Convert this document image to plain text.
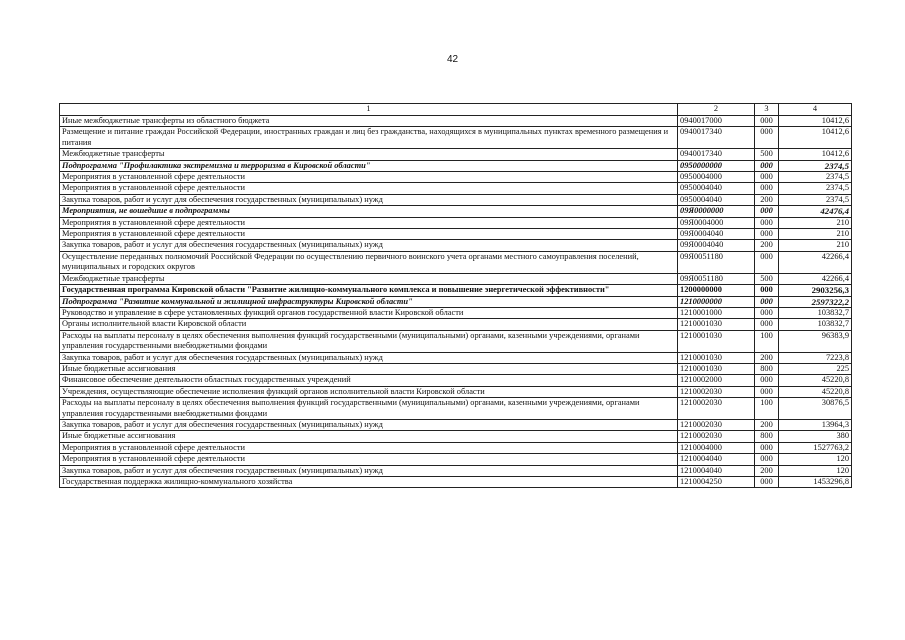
42
1	2	3	4
Иные межбюджетные трансферты из областного бюджета	0940017000	000	10412,6
Размещение и питание граждан Российской Федерации, иностранных граждан и лиц без гражданства, находящихся в муниципальных пунктах временного размещения и питания	0940017340	000	10412,6
Межбюджетные трансферты	0940017340	500	10412,6
Подпрограмма "Профилактика экстремизма и терроризма в Кировской области"	0950000000	000	2374,5
Мероприятия в установленной сфере деятельности	0950004000	000	2374,5
Мероприятия в установленной сфере деятельности	0950004040	000	2374,5
Закупка товаров, работ и услуг для обеспечения государственных (муниципальных) нужд	0950004040	200	2374,5
Мероприятия, не вошедшие в подпрограммы	09Я0000000	000	42476,4
Мероприятия в установленной сфере деятельности	09Я0004000	000	210
Мероприятия в установленной сфере деятельности	09Я0004040	000	210
Закупка товаров, работ и услуг для обеспечения государственных (муниципальных) нужд	09Я0004040	200	210
Осуществление переданных полномочий Российской Федерации по осуществлению первичного воинского учета органами местного самоуправления поселений, муниципальных и городских округов	09Я0051180	000	42266,4
Межбюджетные трансферты	09Я0051180	500	42266,4
Государственная программа Кировской области "Развитие жилищно-коммунального комплекса и повышение энергетической эффективности"	1200000000	000	2903256,3
Подпрограмма "Развитие коммунальной и жилищной инфраструктуры Кировской области"	1210000000	000	2597322,2
Руководство и управление в сфере установленных функций органов государственной власти Кировской области	1210001000	000	103832,7
Органы исполнительной власти Кировской области	1210001030	000	103832,7
Расходы на выплаты персоналу в целях обеспечения выполнения функций государственными (муниципальными) органами, казенными учреждениями, органами управления государственными внебюджетными фондами	1210001030	100	96383,9
Закупка товаров, работ и услуг для обеспечения государственных (муниципальных) нужд	1210001030	200	7223,8
Иные бюджетные ассигнования	1210001030	800	225
Финансовое обеспечение деятельности областных государственных учреждений	1210002000	000	45220,8
Учреждения, осуществляющие обеспечение исполнения функций органов исполнительной власти Кировской области	1210002030	000	45220,8
Расходы на выплаты персоналу в целях обеспечения выполнения функций государственными (муниципальными) органами, казенными учреждениями, органами управления государственными внебюджетными фондами	1210002030	100	30876,5
Закупка товаров, работ и услуг для обеспечения государственных (муниципальных) нужд	1210002030	200	13964,3
Иные бюджетные ассигнования	1210002030	800	380
Мероприятия в установленной сфере деятельности	1210004000	000	1527763,2
Мероприятия в установленной сфере деятельности	1210004040	000	120
Закупка товаров, работ и услуг для обеспечения государственных (муниципальных) нужд	1210004040	200	120
Государственная поддержка жилищно-коммунального хозяйства	1210004250	000	1453296,8
